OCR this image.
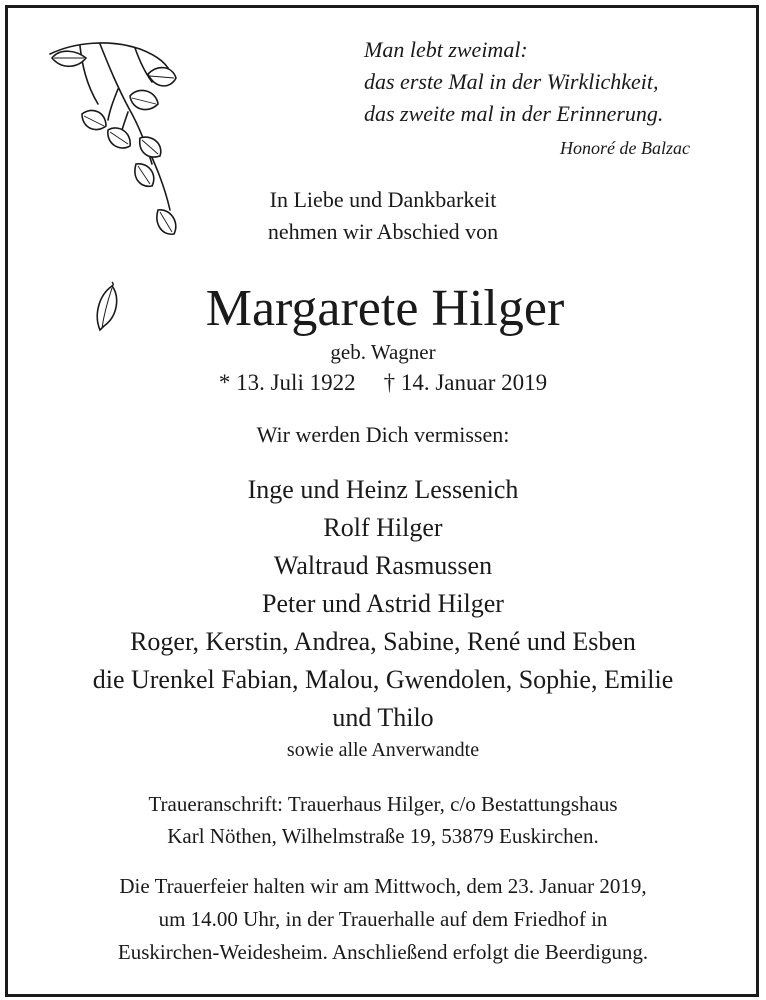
Man lebt zweimal:
das erste Mal in der Wirklichkeit,
das zweite mal in der Erinnerung.
Honoré de Balzac
In Liebe und Dankbarkeit
nehmen wir Abschied von
Margarete Hilger
geb. Wagner
* 13. Juli 1922 † 14. Januar 2019
Wir werden Dich vermissen:
Inge und Heinz Lessenich
Rolf Hilger
Waltraud Rasmussen
Peter und Astrid Hilger
Roger, Kerstin, Andrea, Sabine, René und Esben
die Urenkel Fabian, Malou, Gwendolen, Sophie, Emilie
und Thilo
sowie alle Anverwandte
Traueranschrift: Trauerhaus Hilger, c/o Bestattungshaus
Karl Nöthen, Wilhelmstraße 19, 53879 Euskirchen.
Die Trauerfeier halten wir am Mittwoch, dem 23. Januar 2019,
um 14.00 Uhr, in der Trauerhalle auf dem Friedhof in
Euskirchen-Weidesheim. Anschließend erfolgt die Beerdigung.
